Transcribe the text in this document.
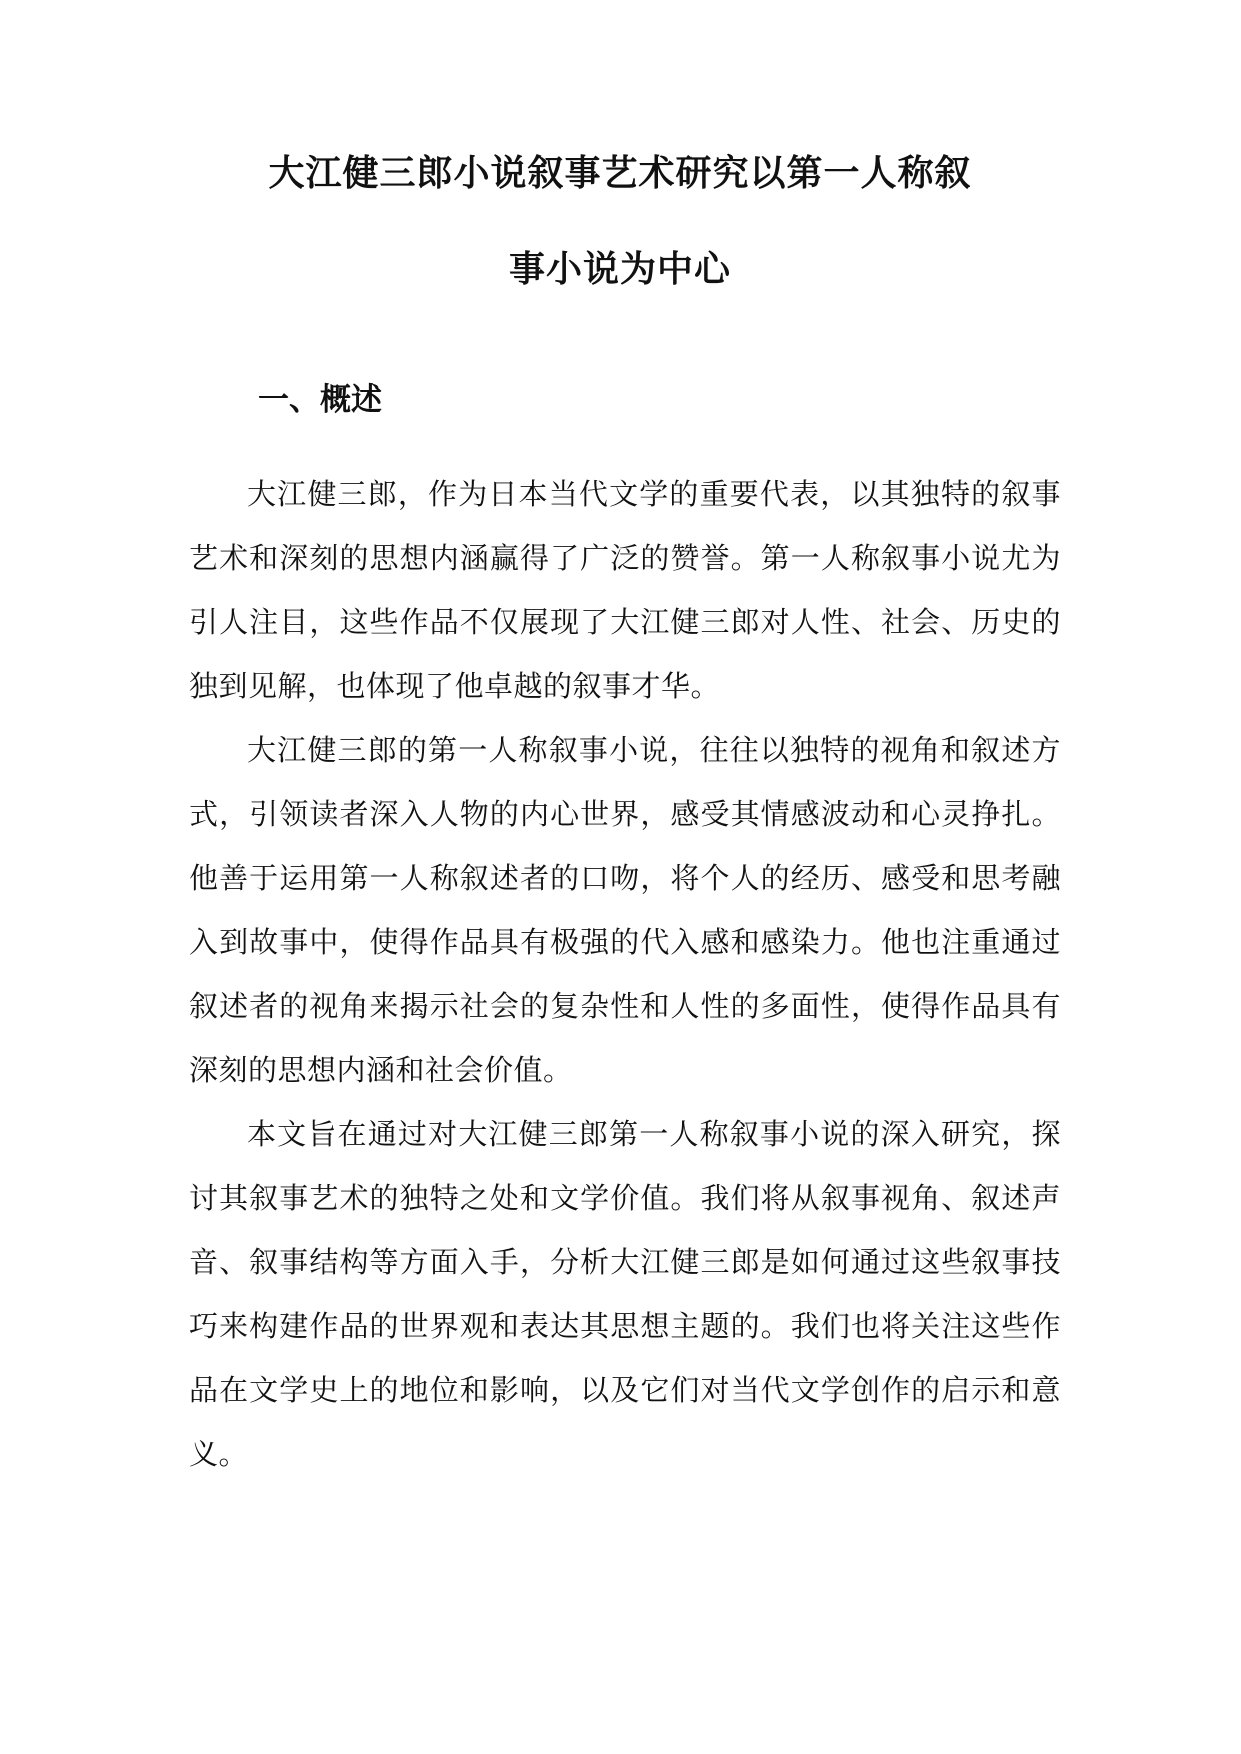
大江健三郎小说叙事艺术研究以第一人称叙
事小说为中心
一、概述

大江健三郎，作为日本当代文学的重要代表，以其独特的叙事艺术和深刻的思想内涵赢得了广泛的赞誉。第一人称叙事小说尤为引人注目，这些作品不仅展现了大江健三郎对人性、社会、历史的独到见解，也体现了他卓越的叙事才华。

大江健三郎的第一人称叙事小说，往往以独特的视角和叙述方式，引领读者深入人物的内心世界，感受其情感波动和心灵挣扎。他善于运用第一人称叙述者的口吻，将个人的经历、感受和思考融入到故事中，使得作品具有极强的代入感和感染力。他也注重通过叙述者的视角来揭示社会的复杂性和人性的多面性，使得作品具有深刻的思想内涵和社会价值。

本文旨在通过对大江健三郎第一人称叙事小说的深入研究，探讨其叙事艺术的独特之处和文学价值。我们将从叙事视角、叙述声音、叙事结构等方面入手，分析大江健三郎是如何通过这些叙事技巧来构建作品的世界观和表达其思想主题的。我们也将关注这些作品在文学史上的地位和影响，以及它们对当代文学创作的启示和意义。
